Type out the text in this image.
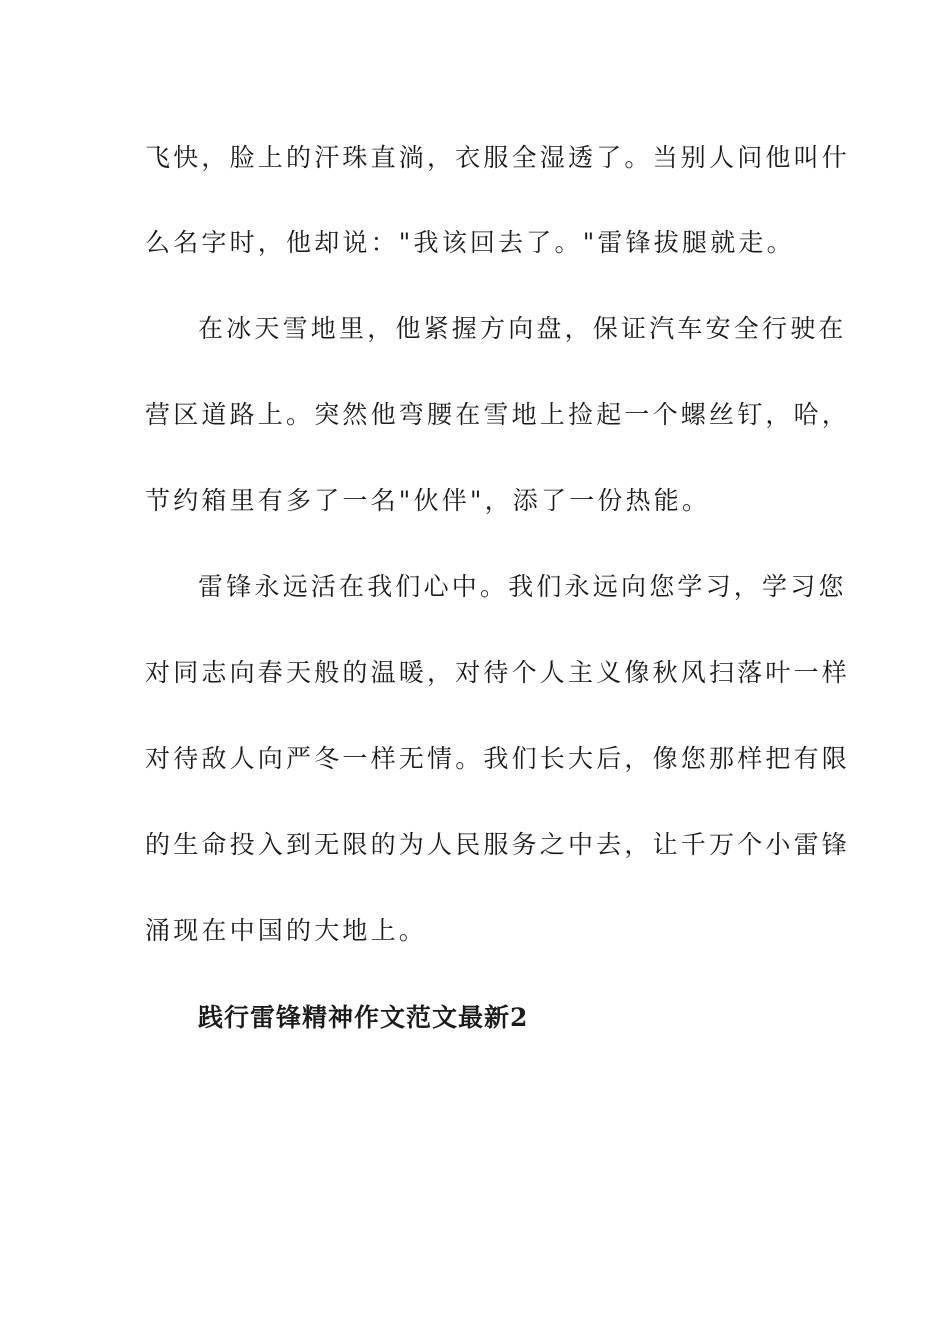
飞快，脸上的汗珠直淌，衣服全湿透了。当别人问他叫什
么名字时，他却说："我该回去了。"雷锋拔腿就走。
在冰天雪地里，他紧握方向盘，保证汽车安全行驶在
营区道路上。突然他弯腰在雪地上捡起一个螺丝钉，哈，
节约箱里有多了一名"伙伴"，添了一份热能。
雷锋永远活在我们心中。我们永远向您学习，学习您
对同志向春天般的温暖，对待个人主义像秋风扫落叶一样
对待敌人向严冬一样无情。我们长大后，像您那样把有限
的生命投入到无限的为人民服务之中去，让千万个小雷锋
涌现在中国的大地上。
践行雷锋精神作文范文最新2
